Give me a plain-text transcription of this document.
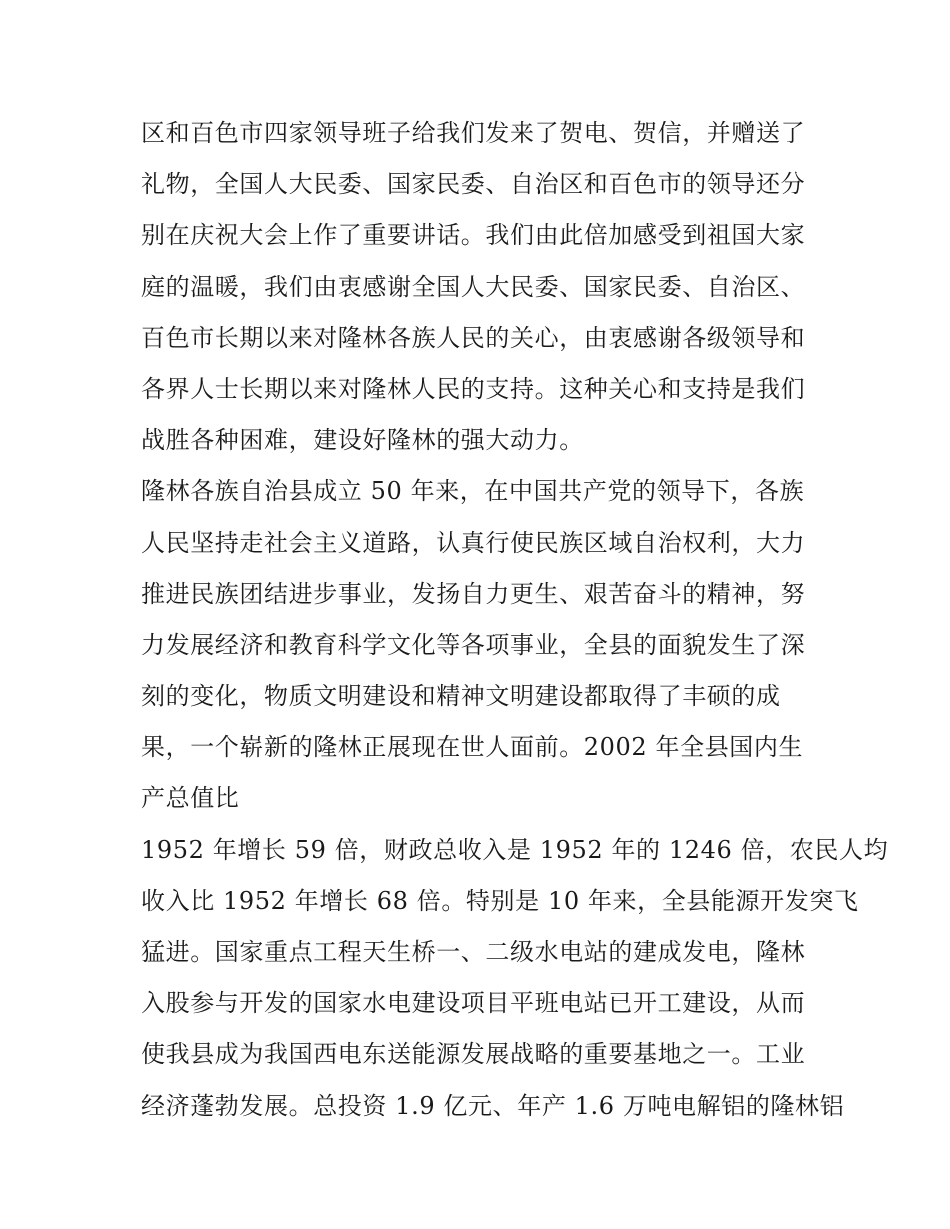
区和百色市四家领导班子给我们发来了贺电、贺信，并赠送了
礼物，全国人大民委、国家民委、自治区和百色市的领导还分
别在庆祝大会上作了重要讲话。我们由此倍加感受到祖国大家
庭的温暖，我们由衷感谢全国人大民委、国家民委、自治区、
百色市长期以来对隆林各族人民的关心，由衷感谢各级领导和
各界人士长期以来对隆林人民的支持。这种关心和支持是我们
战胜各种困难，建设好隆林的强大动力。
隆林各族自治县成立 50 年来，在中国共产党的领导下，各族
人民坚持走社会主义道路，认真行使民族区域自治权利，大力
推进民族团结进步事业，发扬自力更生、艰苦奋斗的精神，努
力发展经济和教育科学文化等各项事业，全县的面貌发生了深
刻的变化，物质文明建设和精神文明建设都取得了丰硕的成
果，一个崭新的隆林正展现在世人面前。2002 年全县国内生
产总值比
1952 年增长 59 倍，财政总收入是 1952 年的 1246 倍，农民人均
收入比 1952 年增长 68 倍。特别是 10 年来，全县能源开发突飞
猛进。国家重点工程天生桥一、二级水电站的建成发电，隆林
入股参与开发的国家水电建设项目平班电站已开工建设，从而
使我县成为我国西电东送能源发展战略的重要基地之一。工业
经济蓬勃发展。总投资 1.9 亿元、年产 1.6 万吨电解铝的隆林铝
